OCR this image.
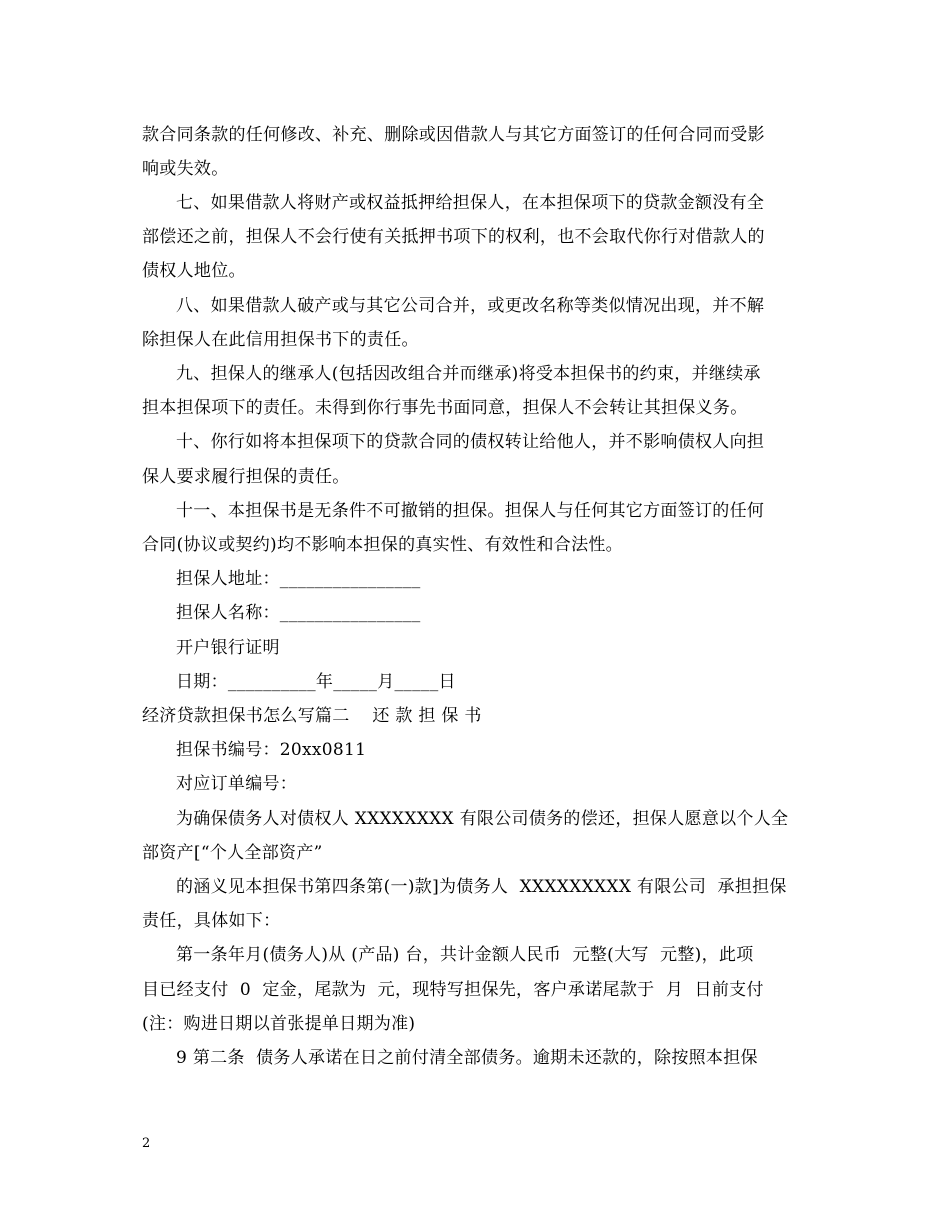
款合同条款的任何修改、补充、删除或因借款人与其它方面签订的任何合同而受影
响或失效。
七、如果借款人将财产或权益抵押给担保人，在本担保项下的贷款金额没有全
部偿还之前，担保人不会行使有关抵押书项下的权利，也不会取代你行对借款人的
债权人地位。
八、如果借款人破产或与其它公司合并，或更改名称等类似情况出现，并不解
除担保人在此信用担保书下的责任。
九、担保人的继承人(包括因改组合并而继承)将受本担保书的约束，并继续承
担本担保项下的责任。未得到你行事先书面同意，担保人不会转让其担保义务。
十、你行如将本担保项下的贷款合同的债权转让给他人，并不影响债权人向担
保人要求履行担保的责任。
十一、本担保书是无条件不可撤销的担保。担保人与任何其它方面签订的任何
合同(协议或契约)均不影响本担保的真实性、有效性和合法性。
担保人地址：________________
担保人名称：________________
开户银行证明
日期：__________年_____月_____日
经济贷款担保书怎么写篇二    还 款 担 保 书
担保书编号：20xx0811
对应订单编号：
为确保债务人对债权人 XXXXXXXX 有限公司债务的偿还，担保人愿意以个人全
部资产[“个人全部资产”
的涵义见本担保书第四条第(一)款]为债务人  XXXXXXXXX 有限公司  承担担保
责任，具体如下：
第一条年月(债务人)从 (产品) 台，共计金额人民币  元整(大写  元整)，此项
目已经支付  0  定金，尾款为  元，现特写担保先，客户承诺尾款于  月  日前支付
(注：购进日期以首张提单日期为准)
9 第二条  债务人承诺在日之前付清全部债务。逾期未还款的，除按照本担保
2
